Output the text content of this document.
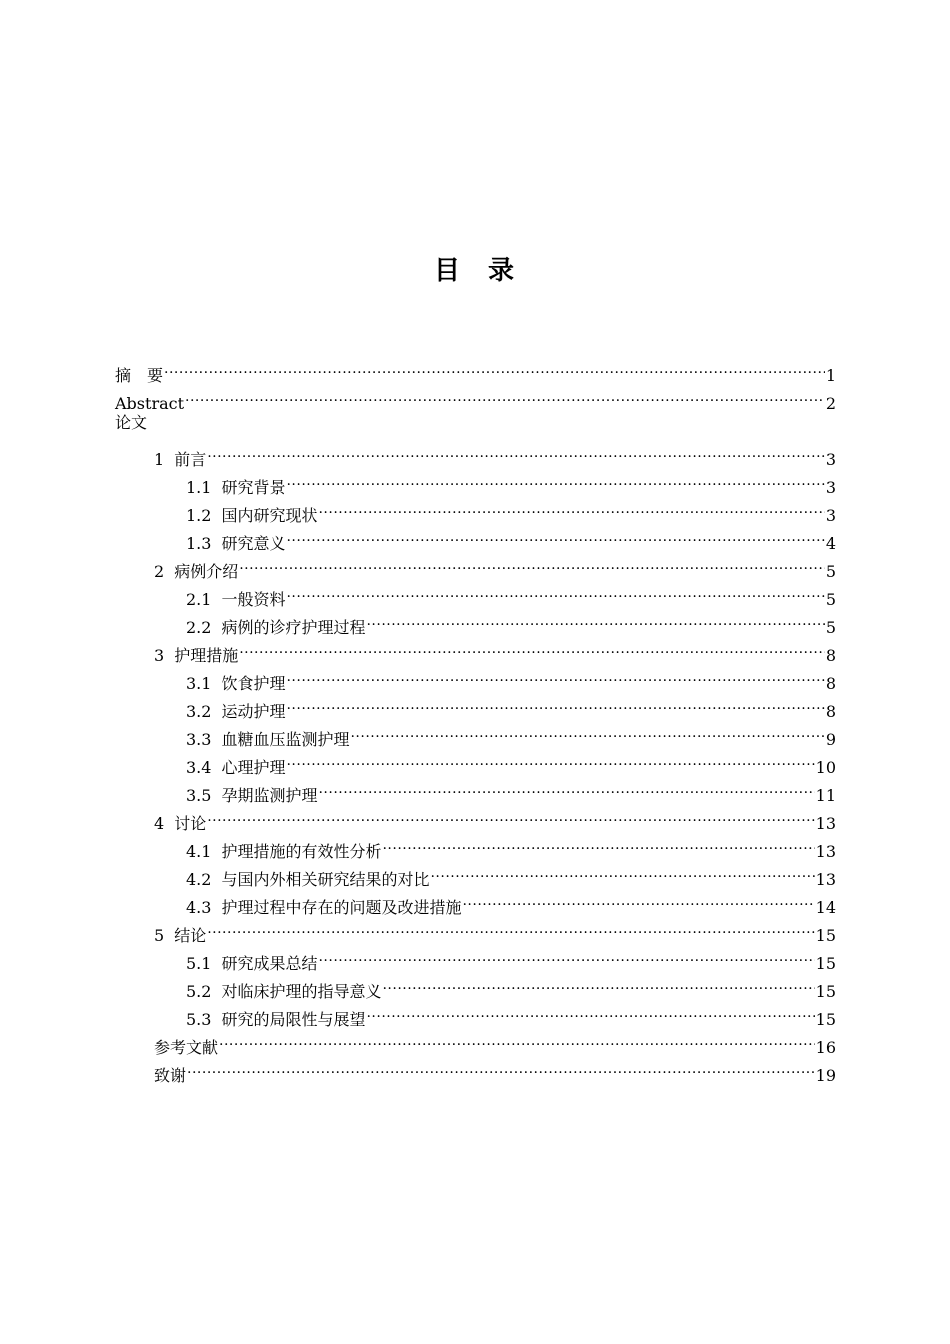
目 录
摘　要 .....	1
Abstract .....	2
论文
1 前言 .....	3
1.1 研究背景 .....	3
1.2 国内研究现状 .....	3
1.3 研究意义 .....	4
2 病例介绍 .....	5
2.1 一般资料 .....	5
2.2 病例的诊疗护理过程 .....	5
3 护理措施 .....	8
3.1 饮食护理 .....	8
3.2 运动护理 .....	8
3.3 血糖血压监测护理 .....	9
3.4 心理护理 .....	10
3.5 孕期监测护理 .....	11
4 讨论 .....	13
4.1 护理措施的有效性分析 .....	13
4.2 与国内外相关研究结果的对比 .....	13
4.3 护理过程中存在的问题及改进措施 .....	14
5 结论 .....	15
5.1 研究成果总结 .....	15
5.2 对临床护理的指导意义 .....	15
5.3 研究的局限性与展望 .....	15
参考文献 .....	16
致谢 .....	19
